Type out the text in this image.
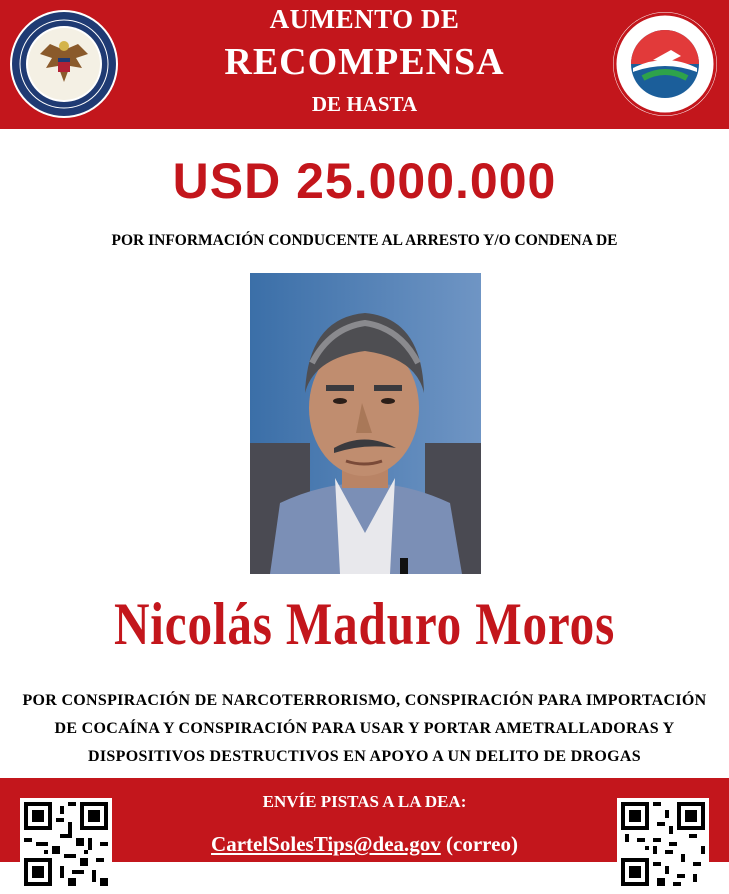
AUMENTO DE
RECOMPENSA
DE HASTA
USD 25.000.000
POR INFORMACIÓN CONDUCENTE AL ARRESTO Y/O CONDENA DE
Nicolás Maduro Moros
POR CONSPIRACIÓN DE NARCOTERRORISMO, CONSPIRACIÓN PARA IMPORTACIÓN
DE COCAÍNA Y CONSPIRACIÓN PARA USAR Y PORTAR AMETRALLADORAS Y
DISPOSITIVOS DESTRUCTIVOS EN APOYO A UN DELITO DE DROGAS
ENVÍE PISTAS A LA DEA:
CartelSolesTips@dea.gov (correo)
